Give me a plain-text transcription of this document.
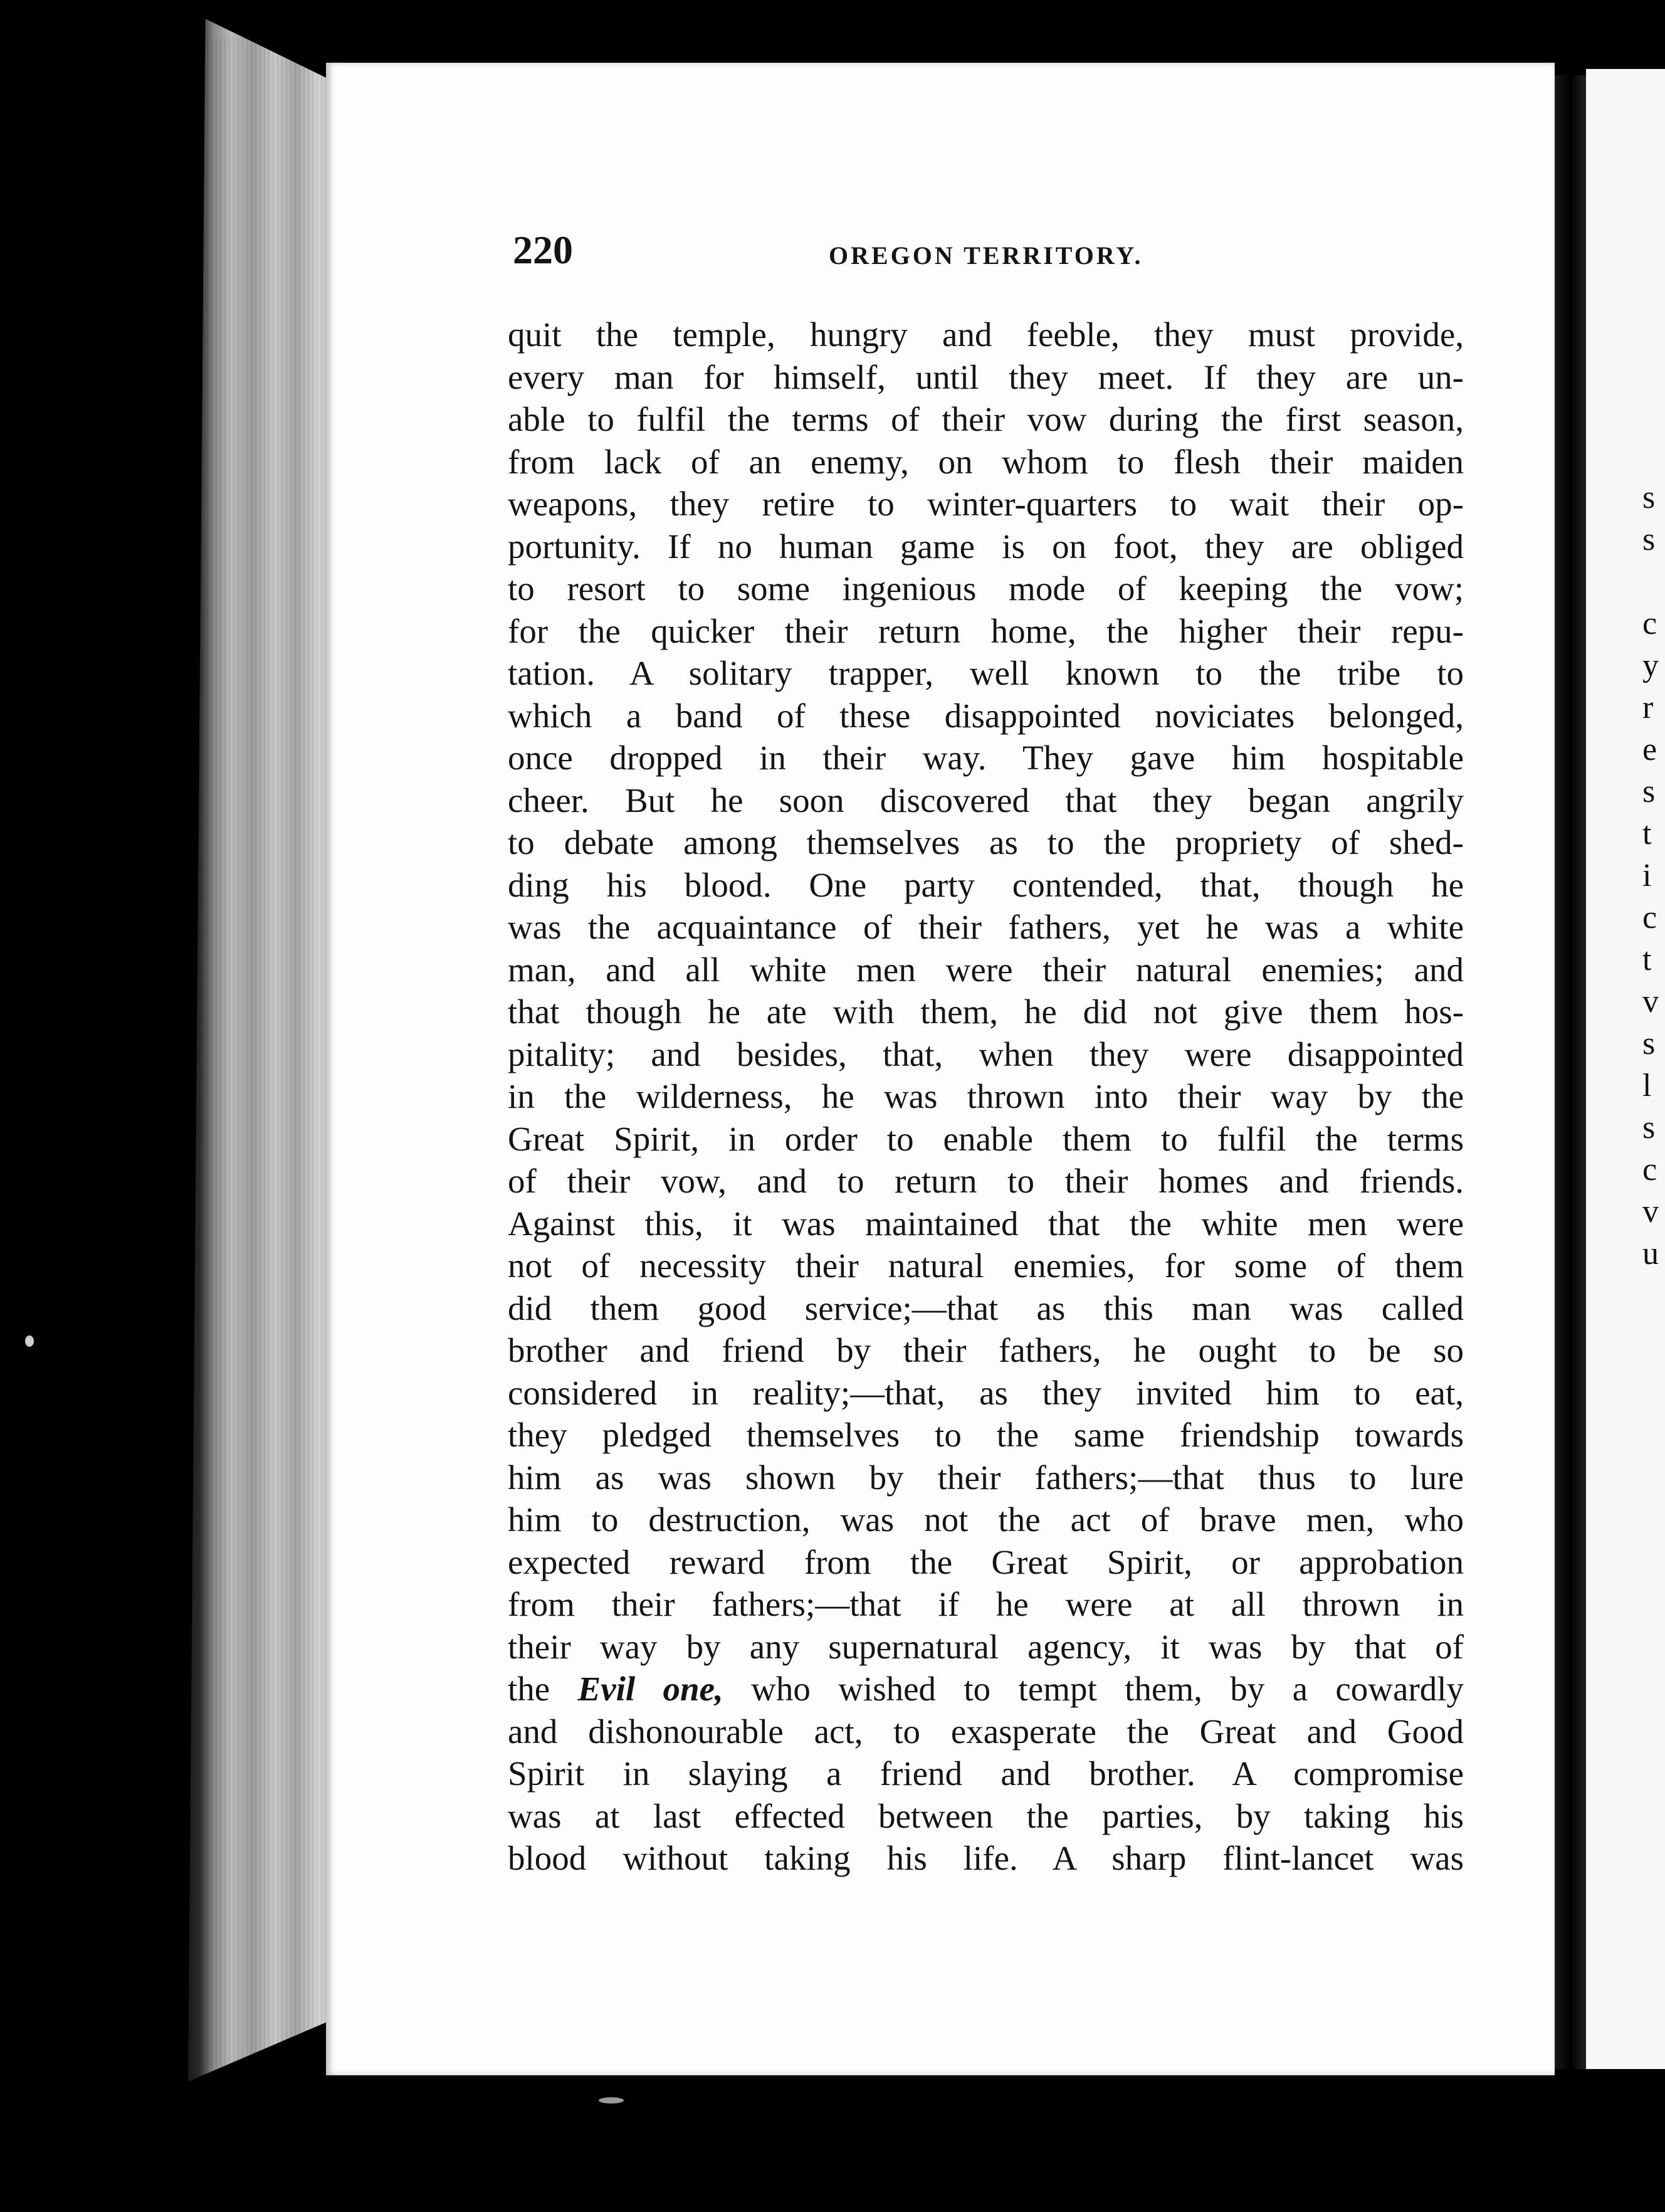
s
s
c
y
r
e
s
t
i
c
t
v
s
l
s
c
v
u
220	OREGON TERRITORY.
quit the temple, hungry and feeble, they must provide,
every man for himself, until they meet. If they are un-
able to fulfil the terms of their vow during the first season,
from lack of an enemy, on whom to flesh their maiden
weapons, they retire to winter-quarters to wait their op-
portunity. If no human game is on foot, they are obliged
to resort to some ingenious mode of keeping the vow;
for the quicker their return home, the higher their repu-
tation. A solitary trapper, well known to the tribe to
which a band of these disappointed noviciates belonged,
once dropped in their way. They gave him hospitable
cheer. But he soon discovered that they began angrily
to debate among themselves as to the propriety of shed-
ding his blood. One party contended, that, though he
was the acquaintance of their fathers, yet he was a white
man, and all white men were their natural enemies; and
that though he ate with them, he did not give them hos-
pitality; and besides, that, when they were disappointed
in the wilderness, he was thrown into their way by the
Great Spirit, in order to enable them to fulfil the terms
of their vow, and to return to their homes and friends.
Against this, it was maintained that the white men were
not of necessity their natural enemies, for some of them
did them good service;—that as this man was called
brother and friend by their fathers, he ought to be so
considered in reality;—that, as they invited him to eat,
they pledged themselves to the same friendship towards
him as was shown by their fathers;—that thus to lure
him to destruction, was not the act of brave men, who
expected reward from the Great Spirit, or approbation
from their fathers;—that if he were at all thrown in
their way by any supernatural agency, it was by that of
the Evil one, who wished to tempt them, by a cowardly
and dishonourable act, to exasperate the Great and Good
Spirit in slaying a friend and brother. A compromise
was at last effected between the parties, by taking his
blood without taking his life. A sharp flint-lancet was
